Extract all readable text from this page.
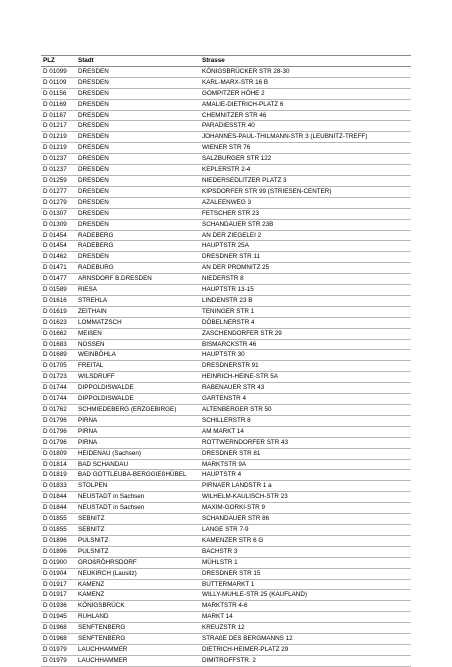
PLZ	Stadt	Strasse
D 01099	DRESDEN	KÖNIGSBRÜCKER STR 28-30
D 01109	DRESDEN	KARL-MARX-STR 16 B
D 01156	DRESDEN	GOMPITZER HÖHE 2
D 01169	DRESDEN	AMALIE-DIETRICH-PLATZ 6
D 01187	DRESDEN	CHEMNITZER STR 46
D 01217	DRESDEN	PARADIESSTR 40
D 01219	DRESDEN	JOHANNES-PAUL-THILMANN-STR 3 (LEUBNITZ-TREFF)
D 01219	DRESDEN	WIENER STR 76
D 01237	DRESDEN	SALZBURGER STR 122
D 01237	DRESDEN	KEPLERSTR 2-4
D 01259	DRESDEN	NIEDERSEDLITZER PLATZ 3
D 01277	DRESDEN	KIPSDORFER STR 99 (STRIESEN-CENTER)
D 01279	DRESDEN	AZALEENWEG 3
D 01307	DRESDEN	FETSCHER STR 23
D 01309	DRESDEN	SCHANDAUER STR 23B
D 01454	RADEBERG	AN DER ZIEGELEI 2
D 01454	RADEBERG	HAUPTSTR 25A
D 01462	DRESDEN	DRESDNER STR 11
D 01471	RADEBURG	AN DER PROMNITZ 25
D 01477	ARNSDORF B.DRESDEN	NIEDERSTR 8
D 01589	RIESA	HAUPTSTR 13-15
D 01616	STREHLA	LINDENSTR 23 B
D 01619	ZEITHAIN	TENINGER STR 1
D 01623	LOMMATZSCH	DÖBELNERSTR 4
D 01662	MEIßEN	ZASCHENDORFER STR 29
D 01683	NOSSEN	BISMARCKSTR 46
D 01689	WEINBÖHLA	HAUPTSTR 30
D 01705	FREITAL	DRESDNERSTR 91
D 01723	WILSDRUFF	HEINRICH-HEINE-STR 5A
D 01744	DIPPOLDISWALDE	RABENAUER STR 43
D 01744	DIPPOLDISWALDE	GARTENSTR 4
D 01762	SCHMIEDEBERG (ERZGEBIRGE)	ALTENBERGER STR 50
D 01796	PIRNA	SCHILLERSTR 8
D 01796	PIRNA	AM MARKT 14
D 01796	PIRNA	ROTTWERNDORFER STR 43
D 01809	HEIDENAU (Sachsen)	DRESDNER STR 81
D 01814	BAD SCHANDAU	MARKTSTR 9A
D 01819	BAD GOTTLEUBA-BERGGIEßHÜBEL	HAUPTSTR 4
D 01833	STOLPEN	PIRNAER LANDSTR 1 a
D 01844	NEUSTADT in Sachsen	WILHELM-KAULISCH-STR 23
D 01844	NEUSTADT in Sachsen	MAXIM-GORKI-STR 9
D 01855	SEBNITZ	SCHANDAUER STR 86
D 01855	SEBNITZ	LANGE STR 7-9
D 01896	PULSNITZ	KAMENZER STR 6 G
D 01896	PULSNITZ	BACHSTR 3
D 01900	GROßRÖHRSDORF	MÜHLSTR 1
D 01904	NEUKIRCH (Lausitz)	DRESDNER STR 15
D 01917	KAMENZ	BUTTERMARKT 1
D 01917	KAMENZ	WILLY-MUHLE-STR 25 (KAUFLAND)
D 01936	KÖNIGSBRÜCK	MARKTSTR 4-6
D 01945	RUHLAND	MARKT 14
D 01968	SENFTENBERG	KREUZSTR 12
D 01968	SENFTENBERG	STRAßE DES BERGMANNS 12
D 01979	LAUCHHAMMER	DIETRICH-HEIMER-PLATZ 29
D 01979	LAUCHHAMMER	DIMITROFFSTR. 2
